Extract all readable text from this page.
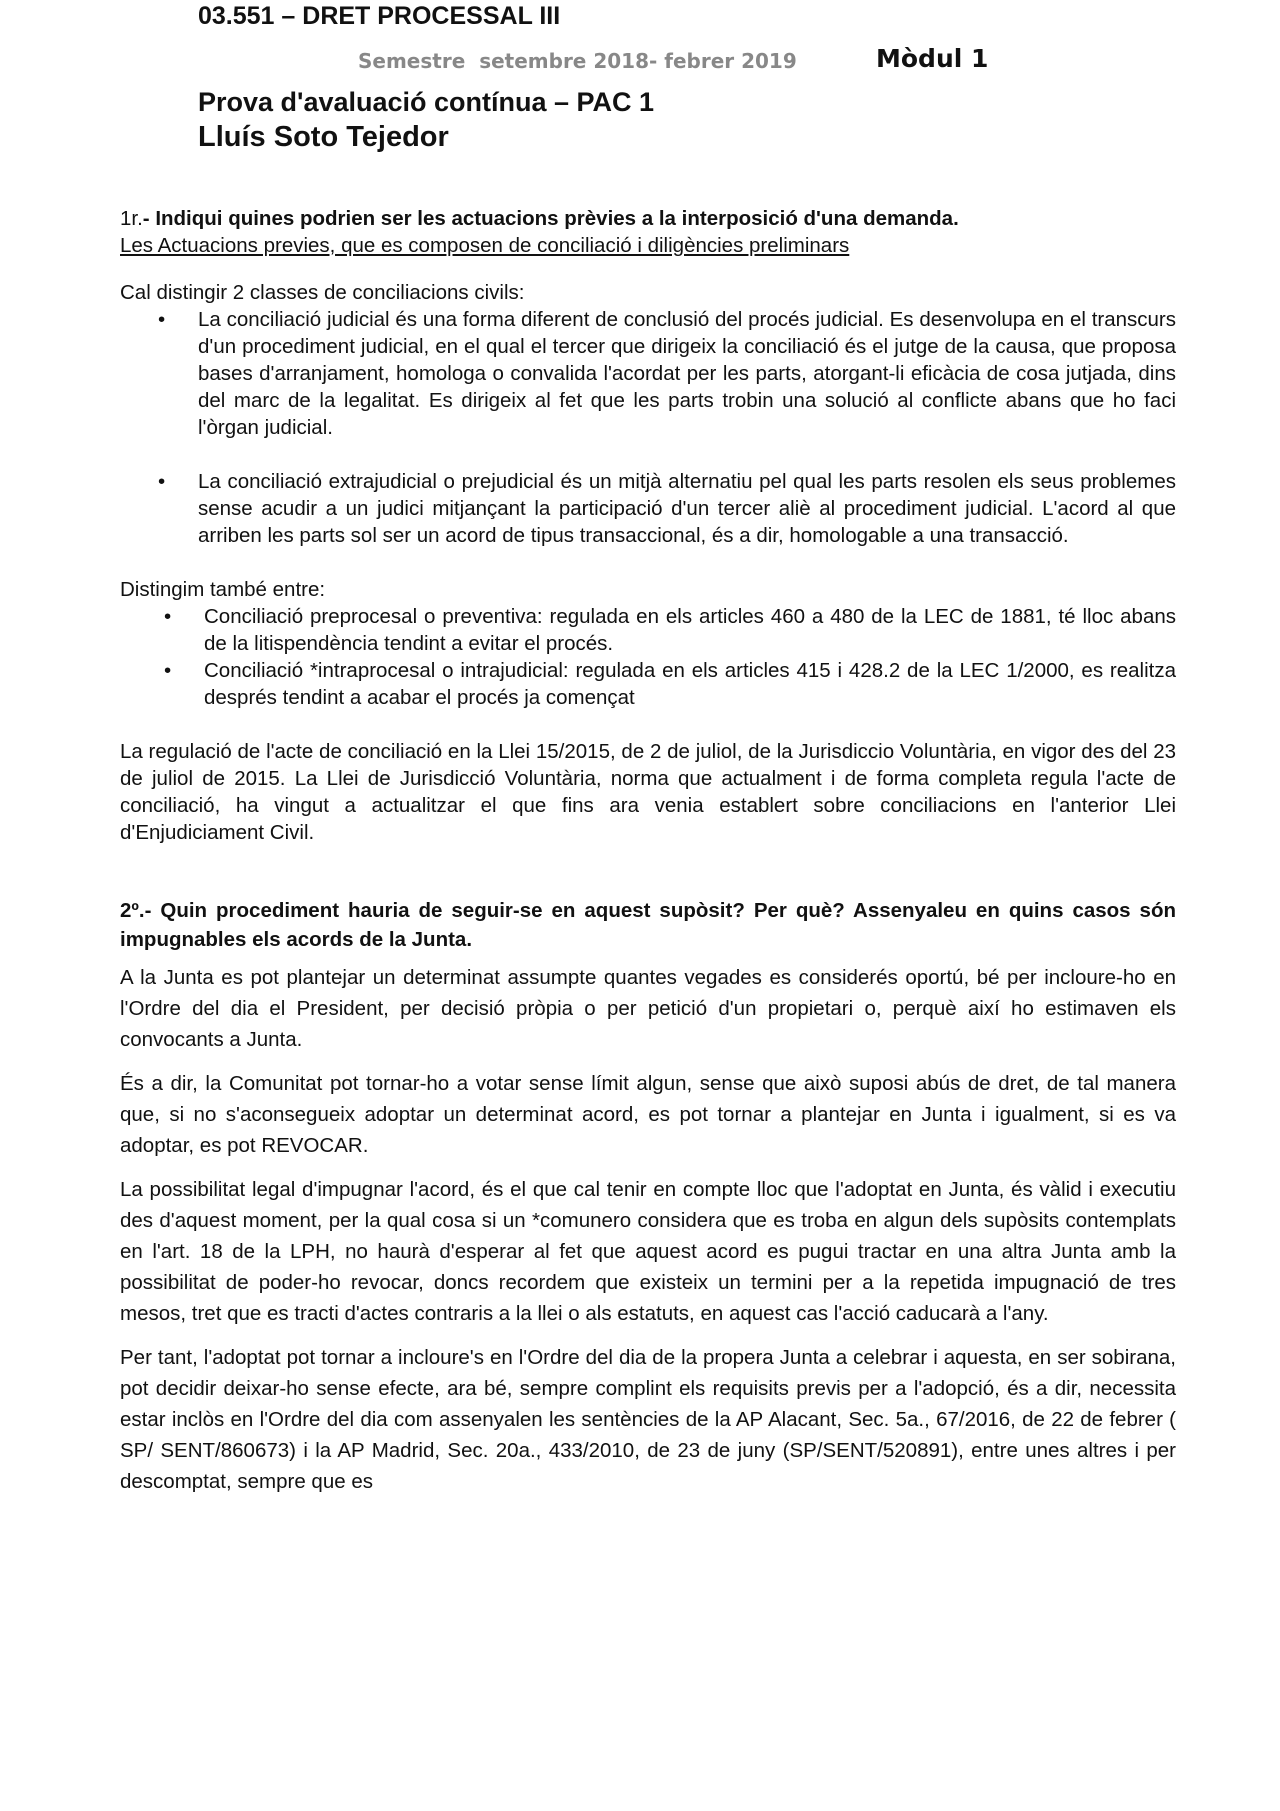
03.551 – DRET PROCESSAL III
Semestre  setembre 2018- febrer 2019	Mòdul 1
Prova d'avaluació contínua – PAC 1
Lluís Soto Tejedor

1r.- Indiqui quines podrien ser les actuacions prèvies a la interposició d'una demanda.

Les Actuacions previes, que es composen de conciliació i diligències preliminars

Cal distingir 2 classes de conciliacions civils:

• La conciliació judicial és una forma diferent de conclusió del procés judicial. Es desenvolupa en el transcurs d'un procediment judicial, en el qual el tercer que dirigeix la conciliació és el jutge de la causa, que proposa bases d'arranjament, homologa o convalida l'acordat per les parts, atorgant-li eficàcia de cosa jutjada, dins del marc de la legalitat. Es dirigeix al fet que les parts trobin una solució al conflicte abans que ho faci l'òrgan judicial.
• La conciliació extrajudicial o prejudicial és un mitjà alternatiu pel qual les parts resolen els seus problemes sense acudir a un judici mitjançant la participació d'un tercer aliè al procediment judicial. L'acord al que arriben les parts sol ser un acord de tipus transaccional, és a dir, homologable a una transacció.

Distingim també entre:

• Conciliació preprocesal o preventiva: regulada en els articles 460 a 480 de la LEC de 1881, té lloc abans de la litispendència tendint a evitar el procés.
• Conciliació *intraprocesal o intrajudicial: regulada en els articles 415 i 428.2 de la LEC 1/2000, es realitza després tendint a acabar el procés ja començat

La regulació de l'acte de conciliació en la Llei 15/2015, de 2 de juliol, de la Jurisdiccio Voluntària, en vigor des del 23 de juliol de 2015. La Llei de Jurisdicció Voluntària, norma que actualment i de forma completa regula l'acte de conciliació, ha vingut a actualitzar el que fins ara venia establert sobre conciliacions en l'anterior Llei d'Enjudiciament Civil.

2º.- Quin procediment hauria de seguir-se en aquest supòsit? Per què? Assenyaleu en quins casos són impugnables els acords de la Junta.

A la Junta es pot plantejar un determinat assumpte quantes vegades es considerés oportú, bé per incloure-ho en l'Ordre del dia el President, per decisió pròpia o per petició d'un propietari o, perquè així ho estimaven els convocants a Junta.

És a dir, la Comunitat pot tornar-ho a votar sense límit algun, sense que això suposi abús de dret, de tal manera que, si no s'aconsegueix adoptar un determinat acord, es pot tornar a plantejar en Junta i igualment, si es va adoptar, es pot REVOCAR.

La possibilitat legal d'impugnar l'acord, és el que cal tenir en compte lloc que l'adoptat en Junta, és vàlid i executiu des d'aquest moment, per la qual cosa si un *comunero considera que es troba en algun dels supòsits contemplats en l'art. 18 de la LPH, no haurà d'esperar al fet que aquest acord es pugui tractar en una altra Junta amb la possibilitat de poder-ho revocar, doncs recordem que existeix un termini per a la repetida impugnació de tres mesos, tret que es tracti d'actes contraris a la llei o als estatuts, en aquest cas l'acció caducarà a l'any.

Per tant, l'adoptat pot tornar a incloure's en l'Ordre del dia de la propera Junta a celebrar i aquesta, en ser sobirana, pot decidir deixar-ho sense efecte, ara bé, sempre complint els requisits previs per a l'adopció, és a dir, necessita estar inclòs en l'Ordre del dia com assenyalen les sentències de la AP Alacant, Sec. 5a., 67/2016, de 22 de febrer ( SP/ SENT/860673) i la AP Madrid, Sec. 20a., 433/2010, de 23 de juny (SP/SENT/520891), entre unes altres i per descomptat, sempre que es
